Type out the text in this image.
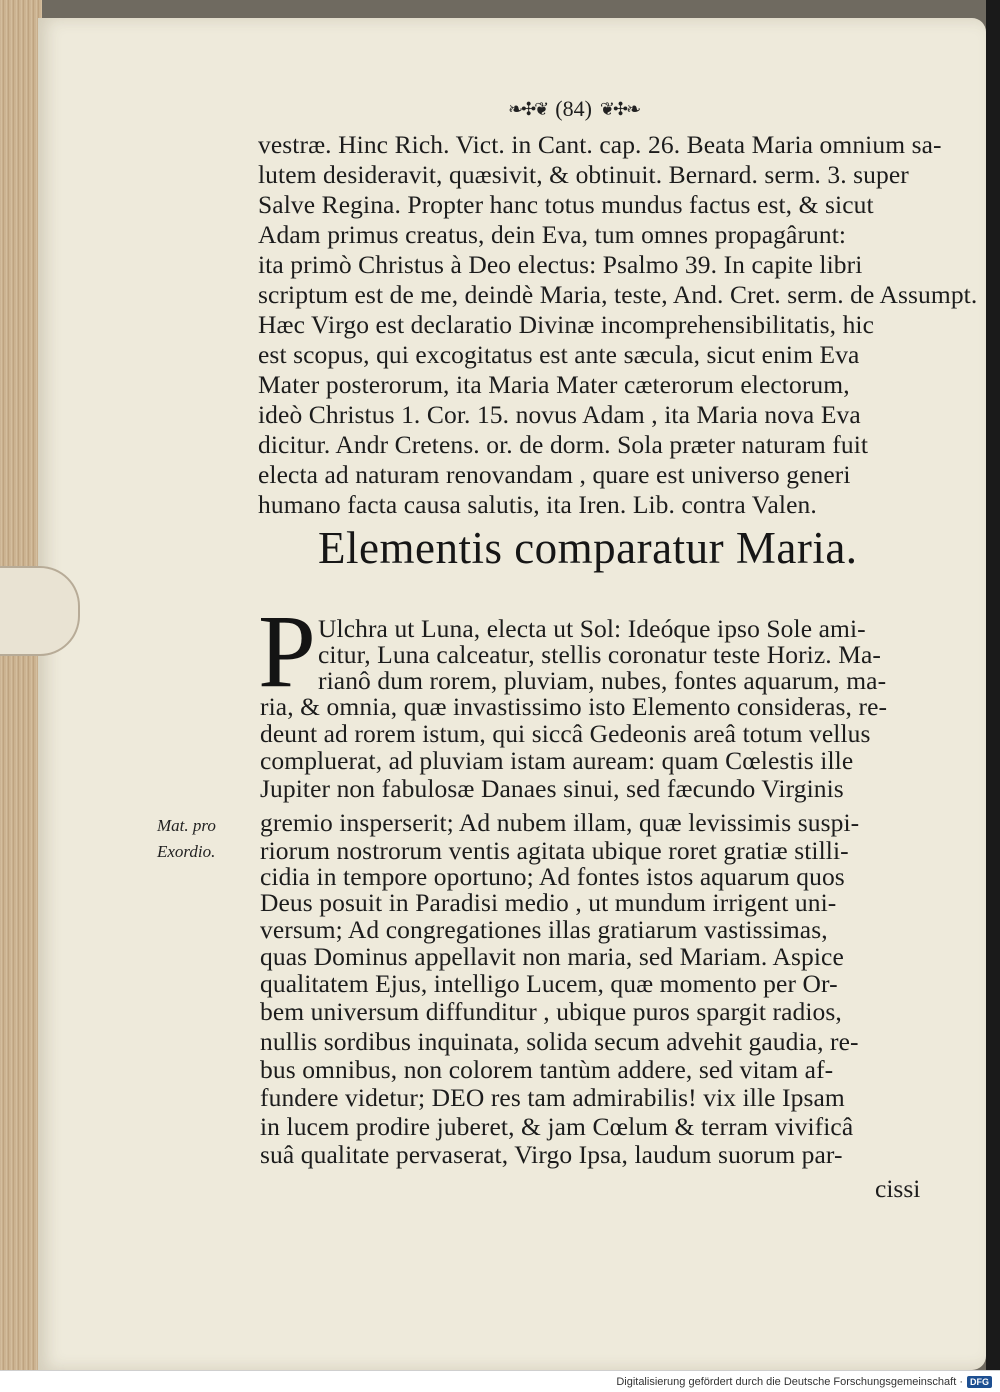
❧✣❦ (84) ❦✣❧
vestræ. Hinc Rich. Vict. in Cant. cap. 26. Beata Maria omnium sa-
lutem desideravit, quæsivit, & obtinuit. Bernard. serm. 3. super
Salve Regina. Propter hanc totus mundus factus est, & sicut
Adam primus creatus, dein Eva, tum omnes propagârunt:
ita primò Christus à Deo electus: Psalmo 39. In capite libri
scriptum est de me, deindè Maria, teste, And. Cret. serm. de Assumpt.
Hæc Virgo est declaratio Divinæ incomprehensibilitatis, hic
est scopus, qui excogitatus est ante sæcula, sicut enim Eva
Mater posterorum, ita Maria Mater cæterorum electorum,
ideò Christus 1. Cor. 15. novus Adam , ita Maria nova Eva
dicitur. Andr Cretens. or. de dorm. Sola præter naturam fuit
electa ad naturam renovandam , quare est universo generi
humano facta causa salutis, ita Iren. Lib. contra Valen.
Elementis comparatur Maria.
P Ulchra ut Luna, electa ut Sol: Ideóque ipso Sole ami-
citur, Luna calceatur, stellis coronatur teste Horiz. Ma-
rianô dum rorem, pluviam, nubes, fontes aquarum, ma-
ria, & omnia, quæ invastissimo isto Elemento consideras, re-
deunt ad rorem istum, qui siccâ Gedeonis areâ totum vellus
compluerat, ad pluviam istam auream: quam Cœlestis ille
Jupiter non fabulosæ Danaes sinui, sed fæcundo Virginis
gremio insperserit; Ad nubem illam, quæ levissimis suspi-
riorum nostrorum ventis agitata ubique roret gratiæ stilli-
cidia in tempore oportuno; Ad fontes istos aquarum quos
Deus posuit in Paradisi medio , ut mundum irrigent uni-
versum; Ad congregationes illas gratiarum vastissimas,
quas Dominus appellavit non maria, sed Mariam. Aspice
qualitatem Ejus, intelligo Lucem, quæ momento per Or-
bem universum diffunditur , ubique puros spargit radios,
nullis sordibus inquinata, solida secum advehit gaudia, re-
bus omnibus, non colorem tantùm addere, sed vitam af-
fundere videtur; DEO res tam admirabilis! vix ille Ipsam
in lucem prodire juberet, & jam Cœlum & terram vivificâ
suâ qualitate pervaserat, Virgo Ipsa, laudum suorum par-
cissi
Mat. pro
Exordio.
Digitalisierung gefördert durch die Deutsche Forschungsgemeinschaft · DFG
